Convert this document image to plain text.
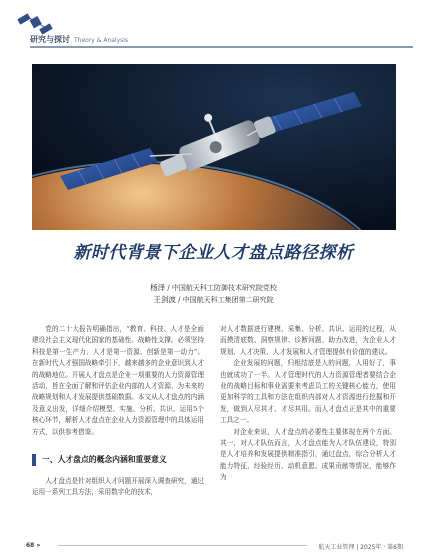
研究与探讨 Theory & Analysis
新时代背景下企业人才盘点路径探析
杨泽 / 中国航天科工防御技术研究院党校
王剑波 / 中国航天科工集团第二研究院

党的二十大报告明确指出，“教育、科技、人才是全面建设社会主义现代化国家的基础性、战略性支撑。必须坚持科技是第一生产力、人才是第一资源、创新是第一动力”。在新时代人才强国战略牵引下，越来越多的企业意识到人才的战略地位。开展人才盘点是企业一项重要的人力资源管理活动，旨在全面了解和评估企业内部的人才资源，为未来的战略规划和人才发展提供基础数据。本文从人才盘点的内涵及意义出发，详细介绍模型、实施、分析、共识、运用5个核心环节，解析人才盘点在企业人力资源管理中的具体运用方式，以供参考借鉴。

一、人才盘点的概念内涵和重要意义

人才盘点是针对组织人才问题开展深入调查研究，通过运用一系列工具方法，采用数字化的技术，

对人才数据进行建模、采集、分析、共识、运用的过程，从而摸清底数、洞察规律、诊断问题、助力改进，为企业人才规划、人才决策、人才发展和人才管理提供有价值的建议。

企业发展的问题，归根结底是人的问题，人用好了，事也就成功了一半。人才管理时代的人力资源管理者要结合企业的战略目标和事业需要来考虑员工的关键核心能力，使用更加科学的工具和方法在组织内部对人才资源进行挖掘和开发，做到人尽其才、才尽其用。而人才盘点正是其中的重要工具之一。

对企业来说，人才盘点的必要性主要体现在两个方面。其一，对人才队伍而言，人才盘点能为人才队伍建设，特别是人才培养和发展提供精准指引，通过盘点，综合分析人才能力特征、经验经历、动机意愿、成果贡献等情况，能够作为

68 »	航天工业管理 | 2025年 · 第6期
